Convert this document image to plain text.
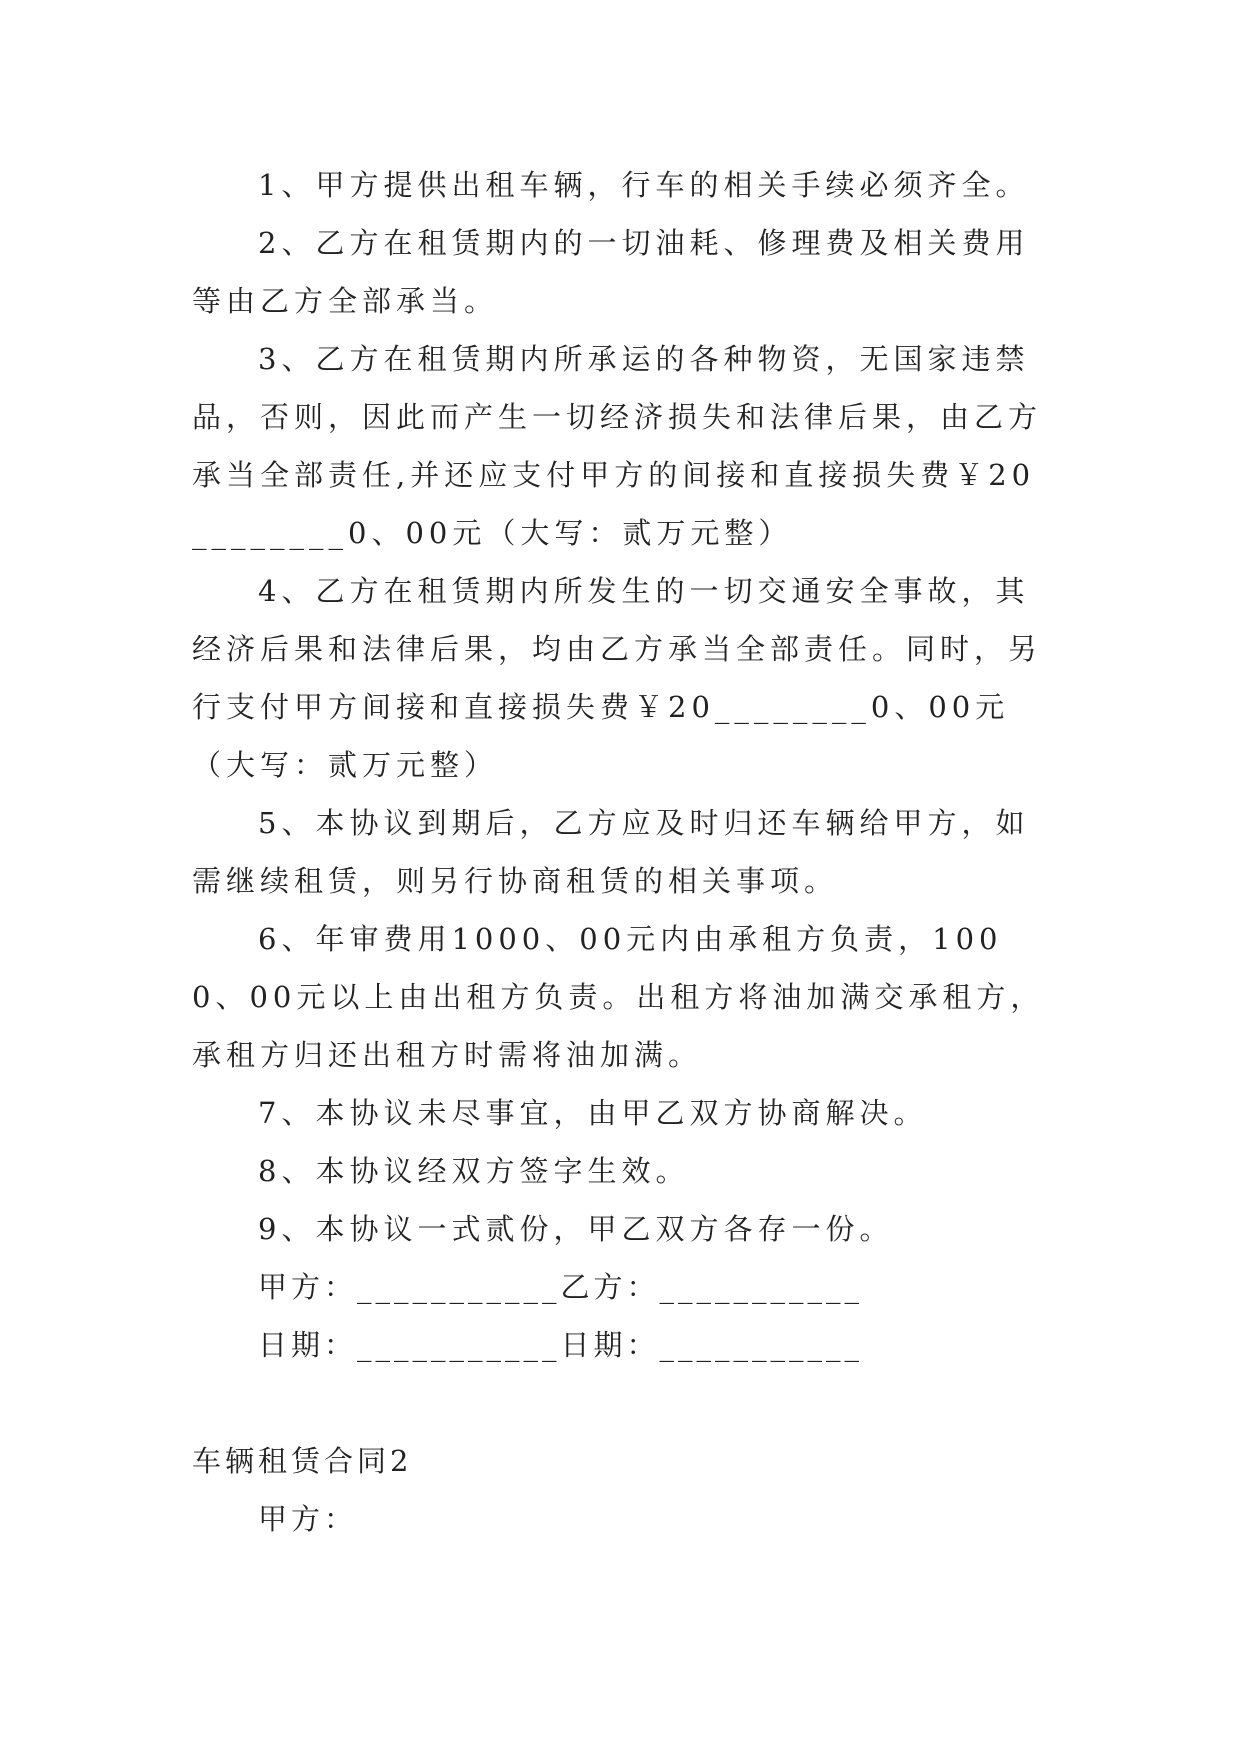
1、甲方提供出租车辆，行车的相关手续必须齐全。

2、乙方在租赁期内的一切油耗、修理费及相关费用等由乙方全部承当。

3、乙方在租赁期内所承运的各种物资，无国家违禁品，否则，因此而产生一切经济损失和法律后果，由乙方承当全部责任,并还应支付甲方的间接和直接损失费￥20________0、00元（大写：贰万元整）

4、乙方在租赁期内所发生的一切交通安全事故，其经济后果和法律后果，均由乙方承当全部责任。同时，另行支付甲方间接和直接损失费￥20________0、00元（大写：贰万元整）

5、本协议到期后，乙方应及时归还车辆给甲方，如需继续租赁，则另行协商租赁的相关事项。

6、年审费用1000、00元内由承租方负责，1000、00元以上由出租方负责。出租方将油加满交承租方，承租方归还出租方时需将油加满。

7、本协议未尽事宜，由甲乙双方协商解决。

8、本协议经双方签字生效。

9、本协议一式贰份，甲乙双方各存一份。

甲方：___________乙方：___________

日期：___________日期：___________

车辆租赁合同2

甲方：
